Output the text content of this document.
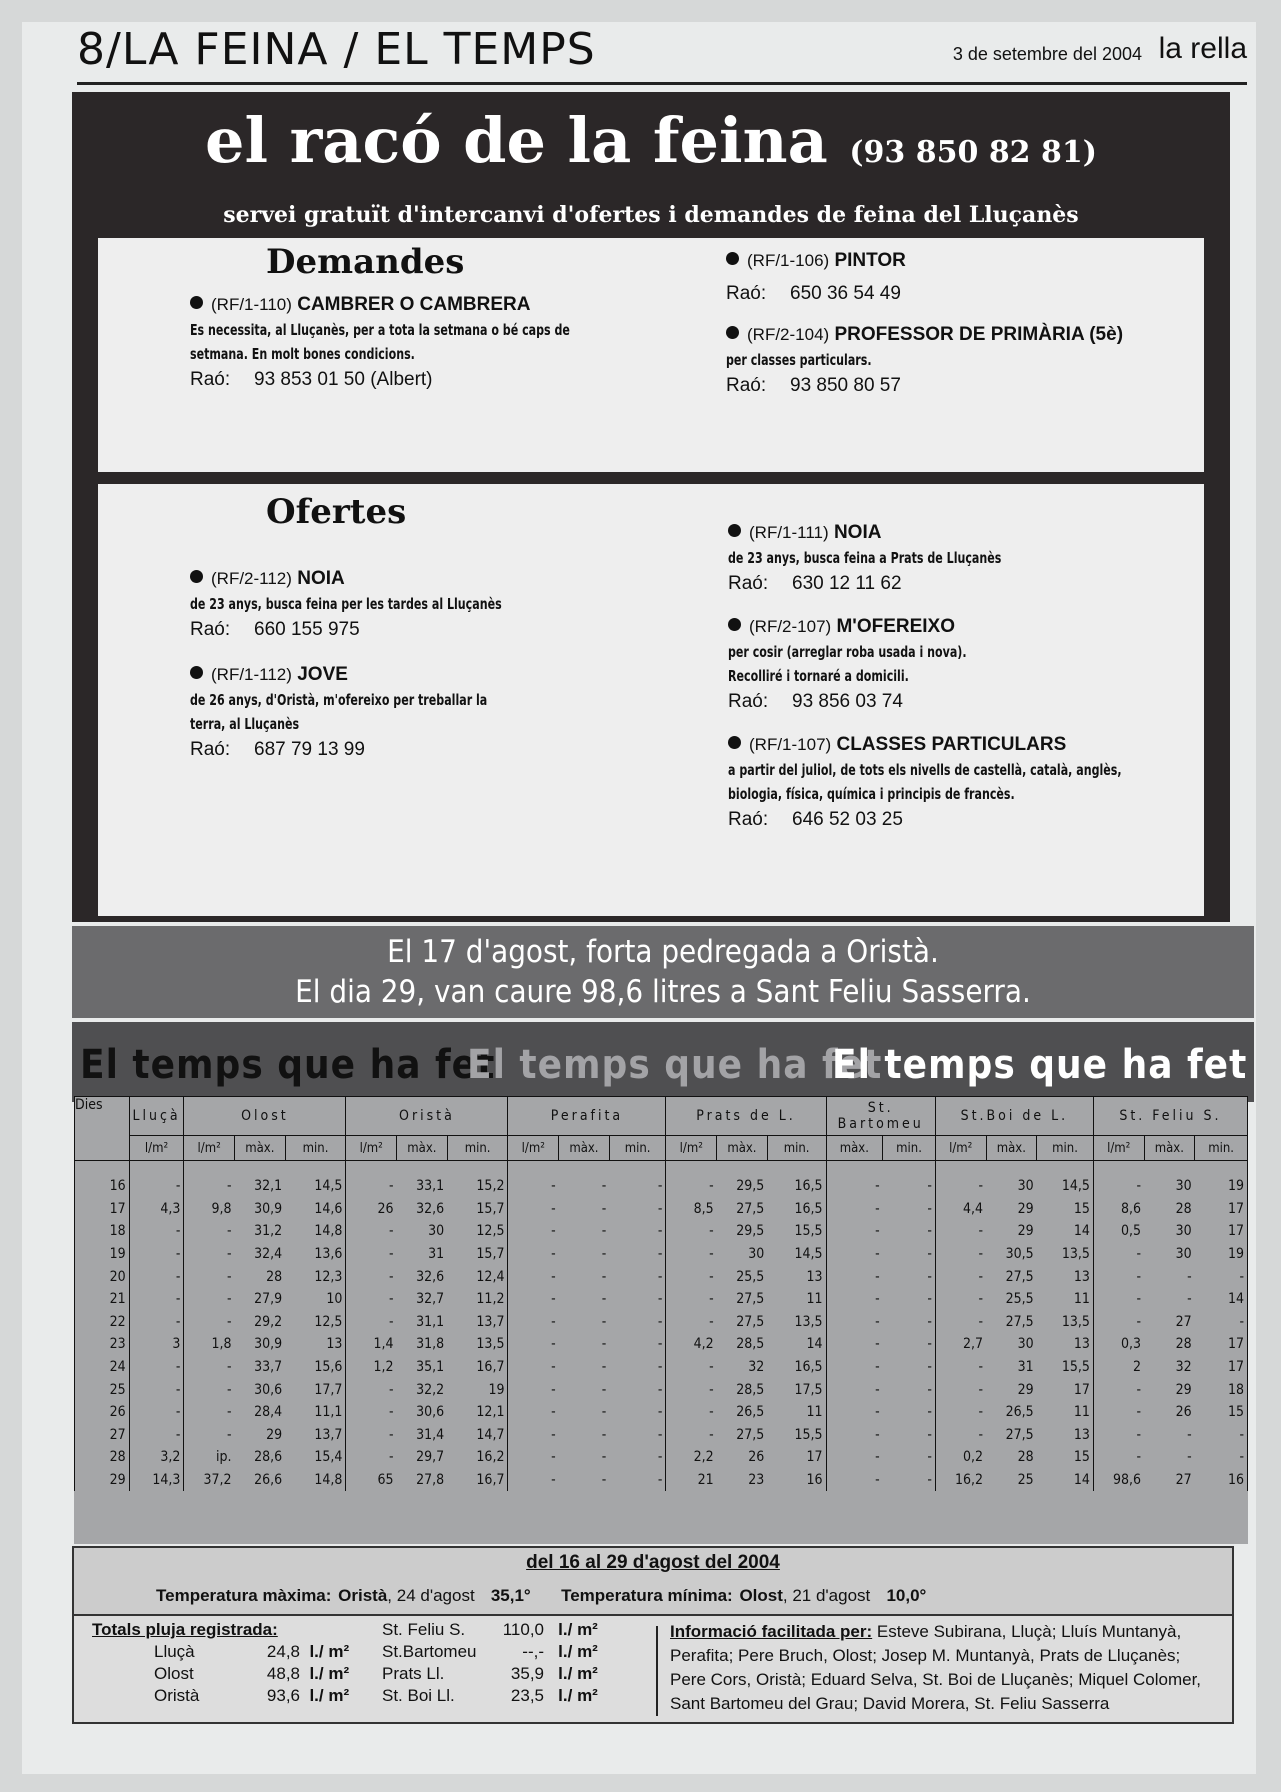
8/LA FEINA / EL TEMPS	3 de setembre del 2004 la rella
el racó de la feina (93 850 82 81)
servei gratuït d'intercanvi d'ofertes i demandes de feina del Lluçanès
Demandes
(RF/1-110) CAMBRER O CAMBRERA
Es necessita, al Lluçanès, per a tota la setmana o bé caps de setmana. En molt bones condicions.
Raó: 93 853 01 50 (Albert)
(RF/1-106) PINTOR
Raó: 650 36 54 49
(RF/2-104) PROFESSOR DE PRIMÀRIA (5è)
per classes particulars.
Raó: 93 850 80 57
Ofertes
(RF/2-112) NOIA
de 23 anys, busca feina per les tardes al Lluçanès
Raó: 660 155 975
(RF/1-112) JOVE
de 26 anys, d'Oristà, m'ofereixo per treballar la terra, al Lluçanès
Raó: 687 79 13 99
(RF/1-111) NOIA
de 23 anys, busca feina a Prats de Lluçanès
Raó: 630 12 11 62
(RF/2-107) M'OFEREIXO
per cosir (arreglar roba usada i nova). Recolliré i tornaré a domicili.
Raó: 93 856 03 74
(RF/1-107) CLASSES PARTICULARS
a partir del juliol, de tots els nivells de castellà, català, anglès, biologia, física, química i principis de francès.
Raó: 646 52 03 25
El 17 d'agost, forta pedregada a Oristà.
El dia 29, van caure 98,6 litres a Sant Feliu Sasserra.
El temps que ha fet
El temps que ha fet
El temps que ha fet
Dies	Lluçà	Olost			Oristà			Perafita			Prats de L.			St. Bartomeu		St.Boi de L.			St. Feliu S.		
	l/m²	l/m²	màx.	min.	l/m²	màx.	min.	l/m²	màx.	min.	l/m²	màx.	min.	màx.	min.	l/m²	màx.	min.	l/m²	màx.	min.
16	-	-	32,1	14,5	-	33,1	15,2	-	-	-	-	29,5	16,5	-	-	-	30	14,5	-	30	19
17	4,3	9,8	30,9	14,6	26	32,6	15,7	-	-	-	8,5	27,5	16,5	-	-	4,4	29	15	8,6	28	17
18	-	-	31,2	14,8	-	30	12,5	-	-	-	-	29,5	15,5	-	-	-	29	14	0,5	30	17
19	-	-	32,4	13,6	-	31	15,7	-	-	-	-	30	14,5	-	-	-	30,5	13,5	-	30	19
20	-	-	28	12,3	-	32,6	12,4	-	-	-	-	25,5	13	-	-	-	27,5	13	-	-	-
21	-	-	27,9	10	-	32,7	11,2	-	-	-	-	27,5	11	-	-	-	25,5	11	-	-	14
22	-	-	29,2	12,5	-	31,1	13,7	-	-	-	-	27,5	13,5	-	-	-	27,5	13,5	-	27	-
23	3	1,8	30,9	13	1,4	31,8	13,5	-	-	-	4,2	28,5	14	-	-	2,7	30	13	0,3	28	17
24	-	-	33,7	15,6	1,2	35,1	16,7	-	-	-	-	32	16,5	-	-	-	31	15,5	2	32	17
25	-	-	30,6	17,7	-	32,2	19	-	-	-	-	28,5	17,5	-	-	-	29	17	-	29	18
26	-	-	28,4	11,1	-	30,6	12,1	-	-	-	-	26,5	11	-	-	-	26,5	11	-	26	15
27	-	-	29	13,7	-	31,4	14,7	-	-	-	-	27,5	15,5	-	-	-	27,5	13	-	-	-
28	3,2	ip.	28,6	15,4	-	29,7	16,2	-	-	-	2,2	26	17	-	-	0,2	28	15	-	-	-
29	14,3	37,2	26,6	14,8	65	27,8	16,7	-	-	-	21	23	16	-	-	16,2	25	14	98,6	27	16
del 16 al 29 d'agost del 2004
Temperatura màxima: Oristà, 24 d'agost 35,1° Temperatura mínima: Olost, 21 d'agost 10,0°
Totals pluja registrada:
Lluçà	24,8 l./ m²
Olost	48,8 l./ m²
Oristà	93,6 l./ m²
St. Feliu S. 110,0 l./ m²
St.Bartomeu	--,- l./ m²
Prats Ll.	35,9 l./ m²
St. Boi Ll.	23,5 l./ m²
Informació facilitada per: Esteve Subirana, Lluçà; Lluís Muntanyà, Perafita; Pere Bruch, Olost; Josep M. Muntanyà, Prats de Lluçanès; Pere Cors, Oristà; Eduard Selva, St. Boi de Lluçanès; Miquel Colomer, Sant Bartomeu del Grau; David Morera, St. Feliu Sasserra
